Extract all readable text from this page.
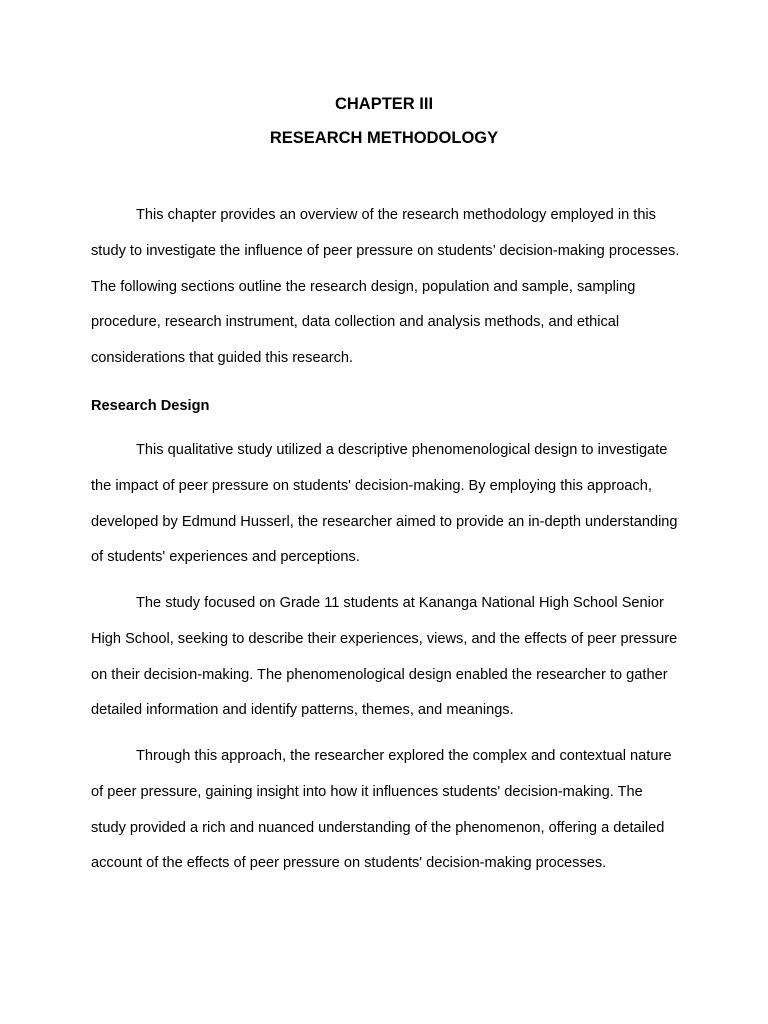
CHAPTER III
RESEARCH METHODOLOGY

This chapter provides an overview of the research methodology employed in this study to investigate the influence of peer pressure on students’ decision-making processes. The following sections outline the research design, population and sample, sampling procedure, research instrument, data collection and analysis methods, and ethical considerations that guided this research.

Research Design

This qualitative study utilized a descriptive phenomenological design to investigate the impact of peer pressure on students' decision-making. By employing this approach, developed by Edmund Husserl, the researcher aimed to provide an in-depth understanding of students' experiences and perceptions.

The study focused on Grade 11 students at Kananga National High School Senior High School, seeking to describe their experiences, views, and the effects of peer pressure on their decision-making. The phenomenological design enabled the researcher to gather detailed information and identify patterns, themes, and meanings.

Through this approach, the researcher explored the complex and contextual nature of peer pressure, gaining insight into how it influences students' decision-making. The study provided a rich and nuanced understanding of the phenomenon, offering a detailed account of the effects of peer pressure on students' decision-making processes.
